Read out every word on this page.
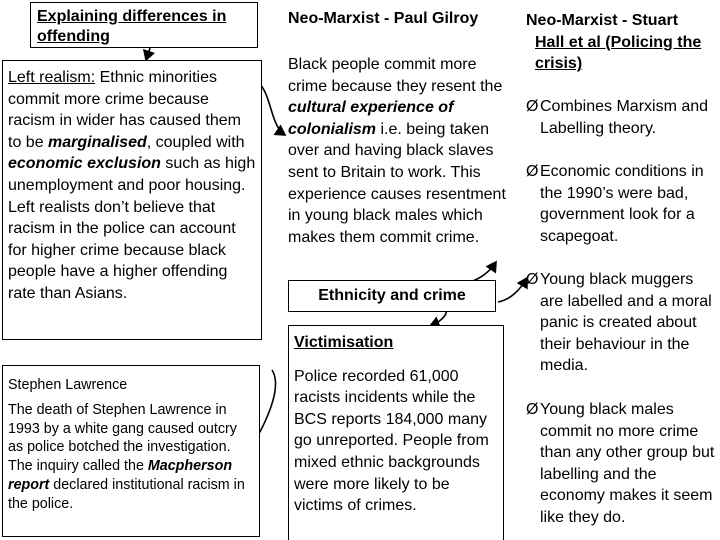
Explaining differences in
offending

Left realism: Ethnic minorities commit more crime because racism in wider has caused them to be marginalised, coupled with economic exclusion such as high unemployment and poor housing. Left realists don’t believe that racism in the police can account for higher crime because black people have a higher offending rate than Asians.

Stephen Lawrence

The death of Stephen Lawrence in 1993 by a white gang caused outcry as police botched the investigation. The inquiry called the Macpherson report declared institutional racism in the police.

Neo-Marxist - Paul Gilroy
Black people commit more crime because they resent the cultural experience of colonialism i.e. being taken over and having black slaves sent to Britain to work. This experience causes resentment in young black males which makes them commit crime.
Ethnicity and crime
Victimisation

Police recorded 61,000 racists incidents while the BCS reports 184,000 many go unreported. People from mixed ethnic backgrounds were more likely to be victims of crimes.

Neo-Marxist - Stuart
Hall et al (Policing the crisis)
Ø Combines Marxism and Labelling theory.
Ø Economic conditions in the 1990’s were bad, government look for a scapegoat.
Ø Young black muggers are labelled and a moral panic is created about their behaviour in the media.
Ø Young black males commit no more crime than any other group but labelling and the economy makes it seem like they do.
